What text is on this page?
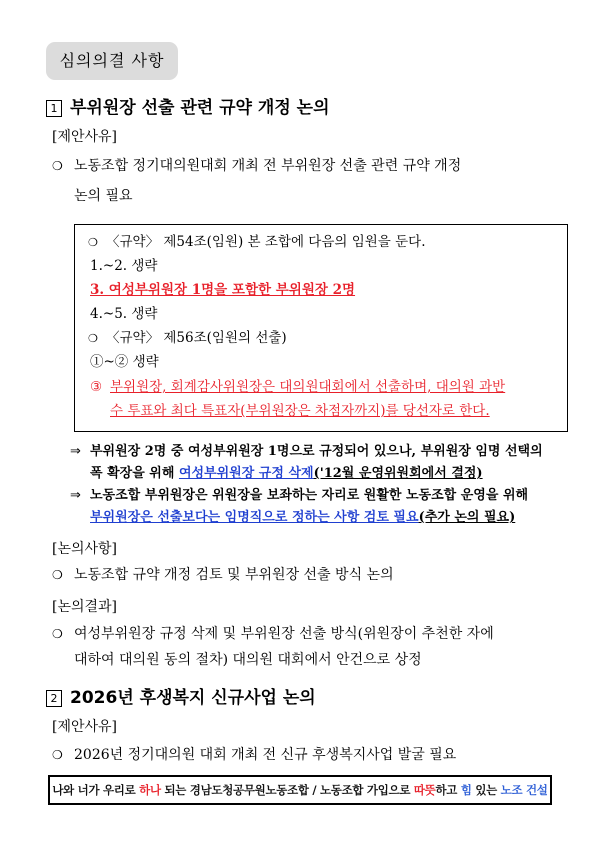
심의의결 사항
1 부위원장 선출 관련 규약 개정 논의
[제안사유]
❍ 노동조합 정기대의원대회 개최 전 부위원장 선출 관련 규약 개정
논의 필요
❍ 〈규약〉 제54조(임원) 본 조합에 다음의 임원을 둔다.
1.~2. 생략
3. 여성부위원장 1명을 포함한 부위원장 2명
4.~5. 생략
❍ 〈규약〉 제56조(임원의 선출)
①~② 생략
③ 부위원장, 회계감사위원장은 대의원대회에서 선출하며, 대의원 과반
수 투표와 최다 특표자(부위원장은 차점자까지)를 당선자로 한다.
⇒ 부위원장 2명 중 여성부위원장 1명으로 규정되어 있으나, 부위원장 임명 선택의
폭 확장을 위해 여성부위원장 규정 삭제('12월 운영위원회에서 결정)
⇒ 노동조합 부위원장은 위원장을 보좌하는 자리로 원활한 노동조합 운영을 위해
부위원장은 선출보다는 임명직으로 정하는 사항 검토 필요(추가 논의 필요)
[논의사항]
❍ 노동조합 규약 개정 검토 및 부위원장 선출 방식 논의
[논의결과]
❍ 여성부위원장 규정 삭제 및 부위원장 선출 방식(위원장이 추천한 자에
대하여 대의원 동의 절차) 대의원 대회에서 안건으로 상정
2 2026년 후생복지 신규사업 논의
[제안사유]
❍ 2026년 정기대의원 대회 개최 전 신규 후생복지사업 발굴 필요
나와 너가 우리로 하나 되는 경남도청공무원노동조합 / 노동조합 가입으로 따뜻하고 힘 있는 노조 건설
